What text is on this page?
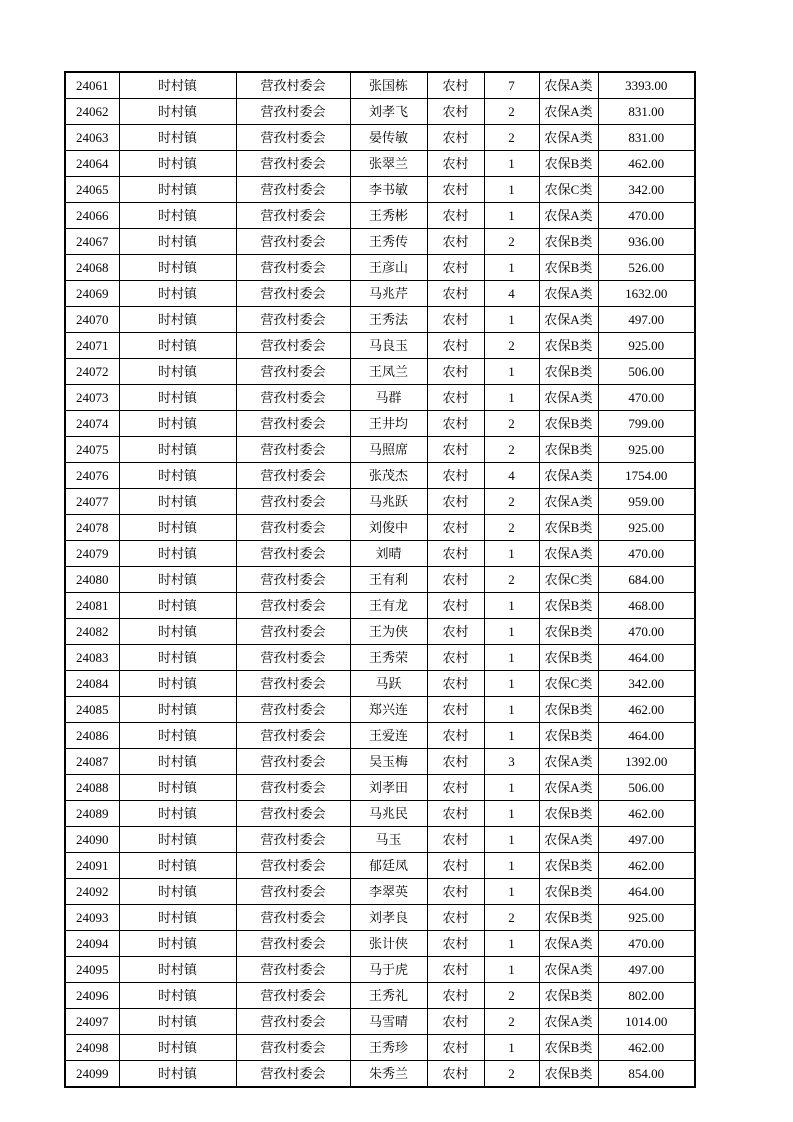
24061	时村镇	营孜村委会	张国栋	农村	7	农保A类	3393.00
24062	时村镇	营孜村委会	刘孝飞	农村	2	农保A类	831.00
24063	时村镇	营孜村委会	晏传敏	农村	2	农保A类	831.00
24064	时村镇	营孜村委会	张翠兰	农村	1	农保B类	462.00
24065	时村镇	营孜村委会	李书敏	农村	1	农保C类	342.00
24066	时村镇	营孜村委会	王秀彬	农村	1	农保A类	470.00
24067	时村镇	营孜村委会	王秀传	农村	2	农保B类	936.00
24068	时村镇	营孜村委会	王彦山	农村	1	农保B类	526.00
24069	时村镇	营孜村委会	马兆芹	农村	4	农保A类	1632.00
24070	时村镇	营孜村委会	王秀法	农村	1	农保A类	497.00
24071	时村镇	营孜村委会	马良玉	农村	2	农保B类	925.00
24072	时村镇	营孜村委会	王凤兰	农村	1	农保B类	506.00
24073	时村镇	营孜村委会	马群	农村	1	农保A类	470.00
24074	时村镇	营孜村委会	王井均	农村	2	农保B类	799.00
24075	时村镇	营孜村委会	马照席	农村	2	农保B类	925.00
24076	时村镇	营孜村委会	张茂杰	农村	4	农保A类	1754.00
24077	时村镇	营孜村委会	马兆跃	农村	2	农保A类	959.00
24078	时村镇	营孜村委会	刘俊中	农村	2	农保B类	925.00
24079	时村镇	营孜村委会	刘晴	农村	1	农保A类	470.00
24080	时村镇	营孜村委会	王有利	农村	2	农保C类	684.00
24081	时村镇	营孜村委会	王有龙	农村	1	农保B类	468.00
24082	时村镇	营孜村委会	王为侠	农村	1	农保B类	470.00
24083	时村镇	营孜村委会	王秀荣	农村	1	农保B类	464.00
24084	时村镇	营孜村委会	马跃	农村	1	农保C类	342.00
24085	时村镇	营孜村委会	郑兴连	农村	1	农保B类	462.00
24086	时村镇	营孜村委会	王爱连	农村	1	农保B类	464.00
24087	时村镇	营孜村委会	吴玉梅	农村	3	农保A类	1392.00
24088	时村镇	营孜村委会	刘孝田	农村	1	农保A类	506.00
24089	时村镇	营孜村委会	马兆民	农村	1	农保B类	462.00
24090	时村镇	营孜村委会	马玉	农村	1	农保A类	497.00
24091	时村镇	营孜村委会	郁廷凤	农村	1	农保B类	462.00
24092	时村镇	营孜村委会	李翠英	农村	1	农保B类	464.00
24093	时村镇	营孜村委会	刘孝良	农村	2	农保B类	925.00
24094	时村镇	营孜村委会	张计侠	农村	1	农保A类	470.00
24095	时村镇	营孜村委会	马于虎	农村	1	农保A类	497.00
24096	时村镇	营孜村委会	王秀礼	农村	2	农保B类	802.00
24097	时村镇	营孜村委会	马雪晴	农村	2	农保A类	1014.00
24098	时村镇	营孜村委会	王秀珍	农村	1	农保B类	462.00
24099	时村镇	营孜村委会	朱秀兰	农村	2	农保B类	854.00
